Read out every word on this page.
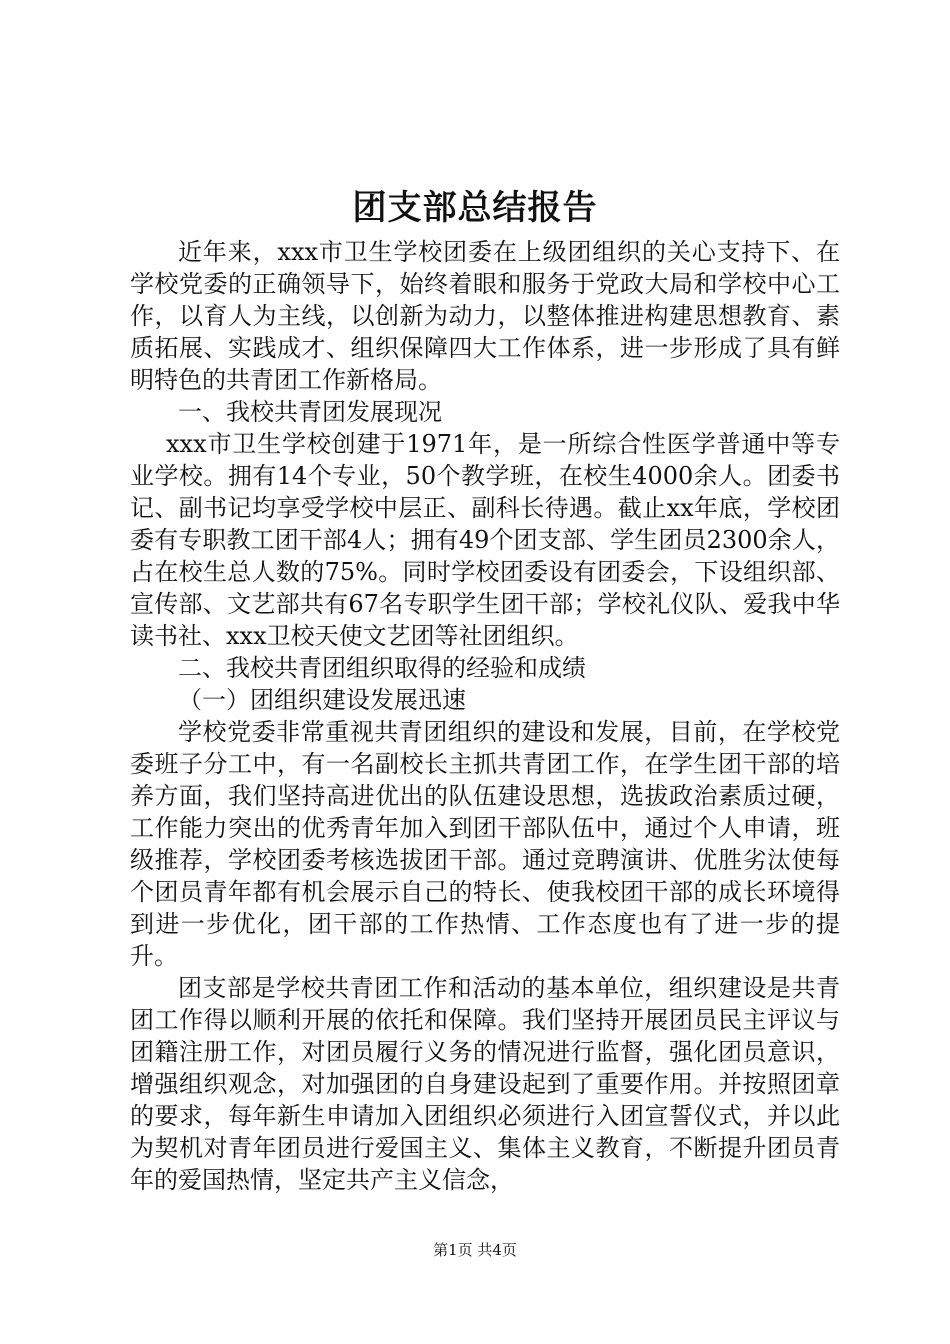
团支部总结报告

近年来，xxx市卫生学校团委在上级团组织的关心支持下、在学校党委的正确领导下，始终着眼和服务于党政大局和学校中心工作，以育人为主线，以创新为动力，以整体推进构建思想教育、素质拓展、实践成才、组织保障四大工作体系，进一步形成了具有鲜明特色的共青团工作新格局。

一、我校共青团发展现况

xxx市卫生学校创建于1971年，是一所综合性医学普通中等专业学校。拥有14个专业，50个教学班，在校生4000余人。团委书记、副书记均享受学校中层正、副科长待遇。截止xx年底，学校团委有专职教工团干部4人；拥有49个团支部、学生团员2300余人，占在校生总人数的75%。同时学校团委设有团委会，下设组织部、宣传部、文艺部共有67名专职学生团干部；学校礼仪队、爱我中华读书社、xxx卫校天使文艺团等社团组织。

二、我校共青团组织取得的经验和成绩

（一）团组织建设发展迅速

学校党委非常重视共青团组织的建设和发展，目前，在学校党委班子分工中，有一名副校长主抓共青团工作，在学生团干部的培养方面，我们坚持高进优出的队伍建设思想，选拔政治素质过硬，工作能力突出的优秀青年加入到团干部队伍中，通过个人申请，班级推荐，学校团委考核选拔团干部。通过竞聘演讲、优胜劣汰使每个团员青年都有机会展示自己的特长、使我校团干部的成长环境得到进一步优化，团干部的工作热情、工作态度也有了进一步的提升。

团支部是学校共青团工作和活动的基本单位，组织建设是共青团工作得以顺利开展的依托和保障。我们坚持开展团员民主评议与团籍注册工作，对团员履行义务的情况进行监督，强化团员意识，增强组织观念，对加强团的自身建设起到了重要作用。并按照团章的要求，每年新生申请加入团组织必须进行入团宣誓仪式，并以此为契机对青年团员进行爱国主义、集体主义教育，不断提升团员青年的爱国热情，坚定共产主义信念，

第1页 共4页
